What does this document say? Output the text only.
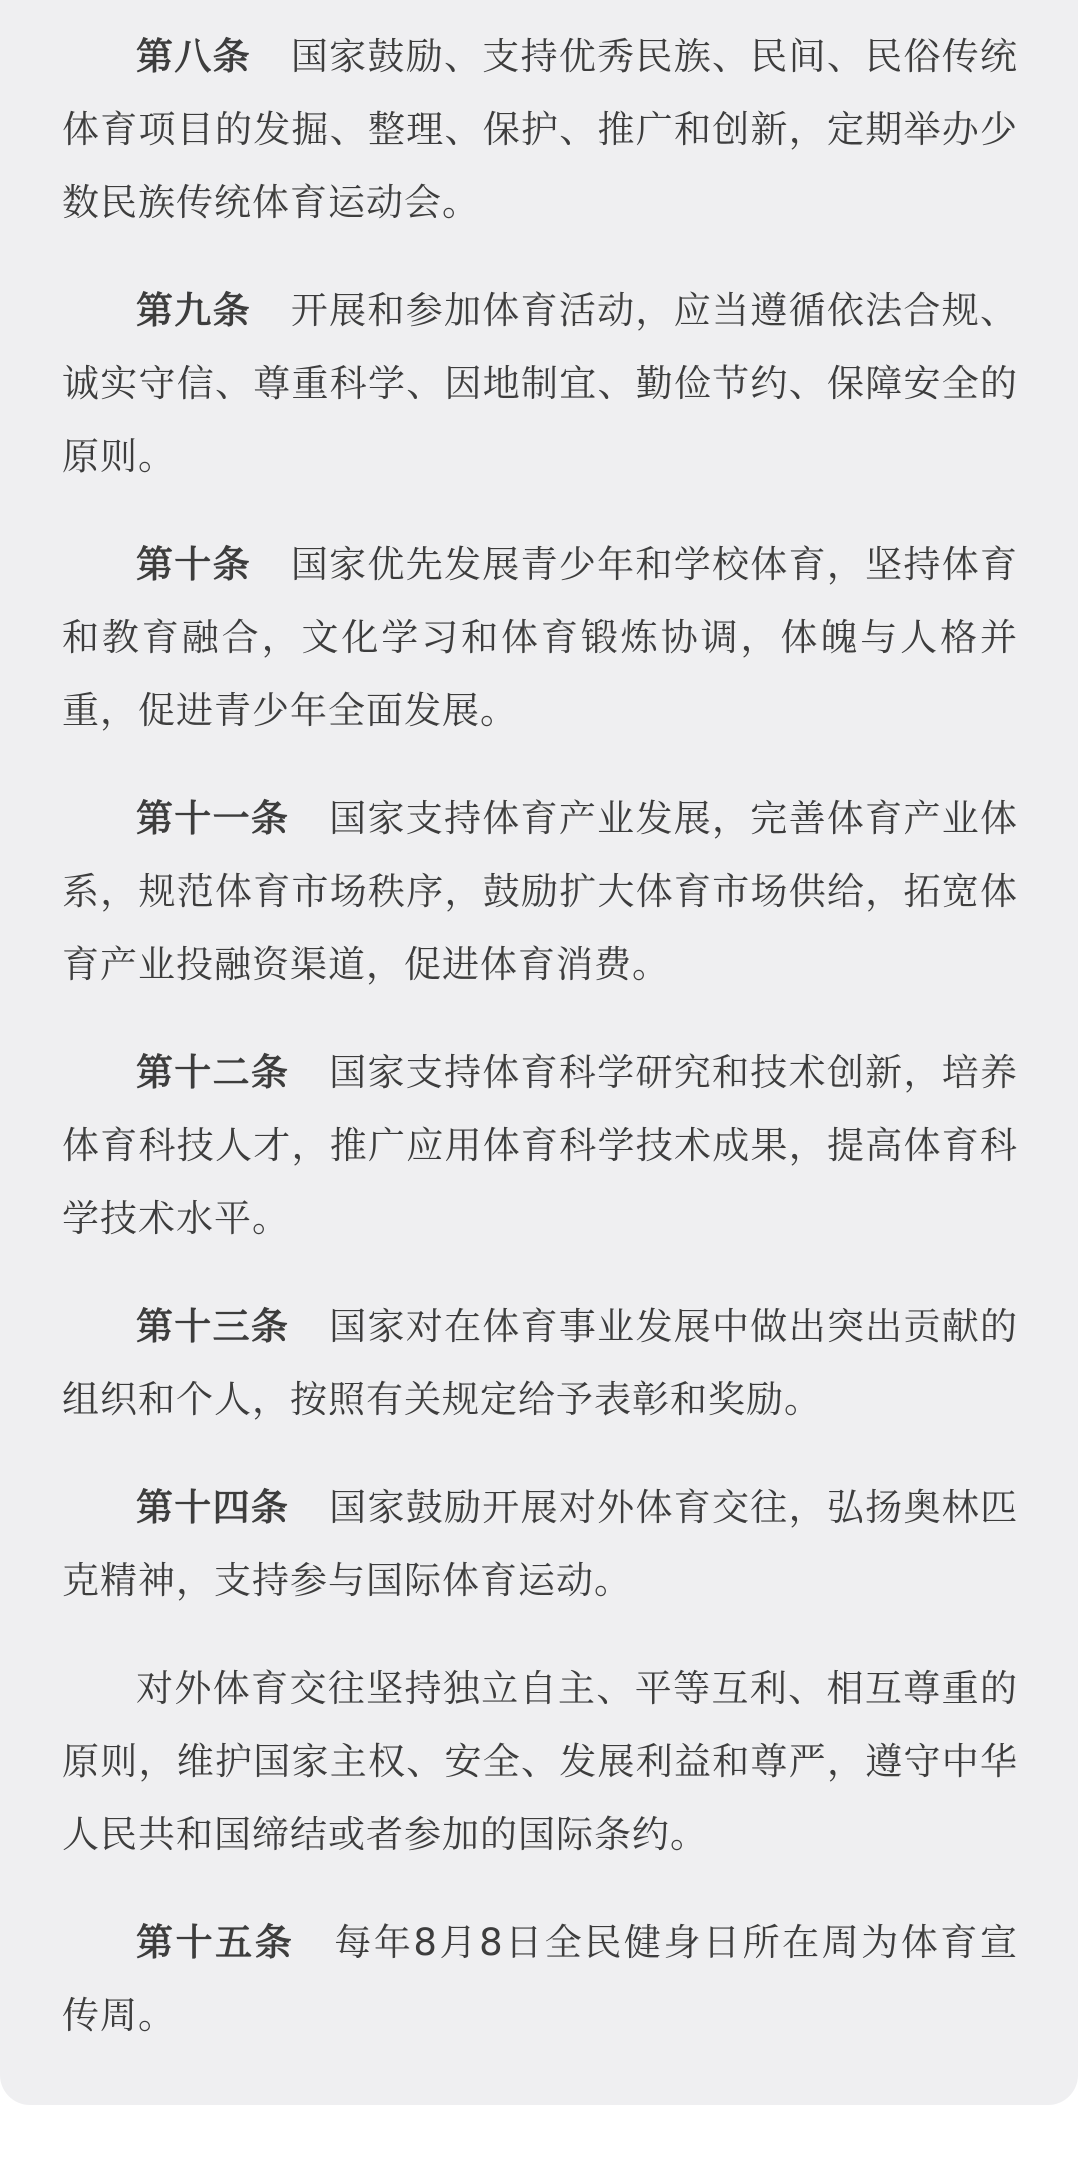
第八条 国家鼓励、支持优秀民族、民间、民俗传统体育项目的发掘、整理、保护、推广和创新，定期举办少数民族传统体育运动会。

第九条 开展和参加体育活动，应当遵循依法合规、诚实守信、尊重科学、因地制宜、勤俭节约、保障安全的原则。

第十条 国家优先发展青少年和学校体育，坚持体育和教育融合，文化学习和体育锻炼协调，体魄与人格并重，促进青少年全面发展。

第十一条 国家支持体育产业发展，完善体育产业体系，规范体育市场秩序，鼓励扩大体育市场供给，拓宽体育产业投融资渠道，促进体育消费。

第十二条 国家支持体育科学研究和技术创新，培养体育科技人才，推广应用体育科学技术成果，提高体育科学技术水平。

第十三条 国家对在体育事业发展中做出突出贡献的组织和个人，按照有关规定给予表彰和奖励。

第十四条 国家鼓励开展对外体育交往，弘扬奥林匹克精神，支持参与国际体育运动。

对外体育交往坚持独立自主、平等互利、相互尊重的原则，维护国家主权、安全、发展利益和尊严，遵守中华人民共和国缔结或者参加的国际条约。

第十五条 每年8月8日全民健身日所在周为体育宣传周。
